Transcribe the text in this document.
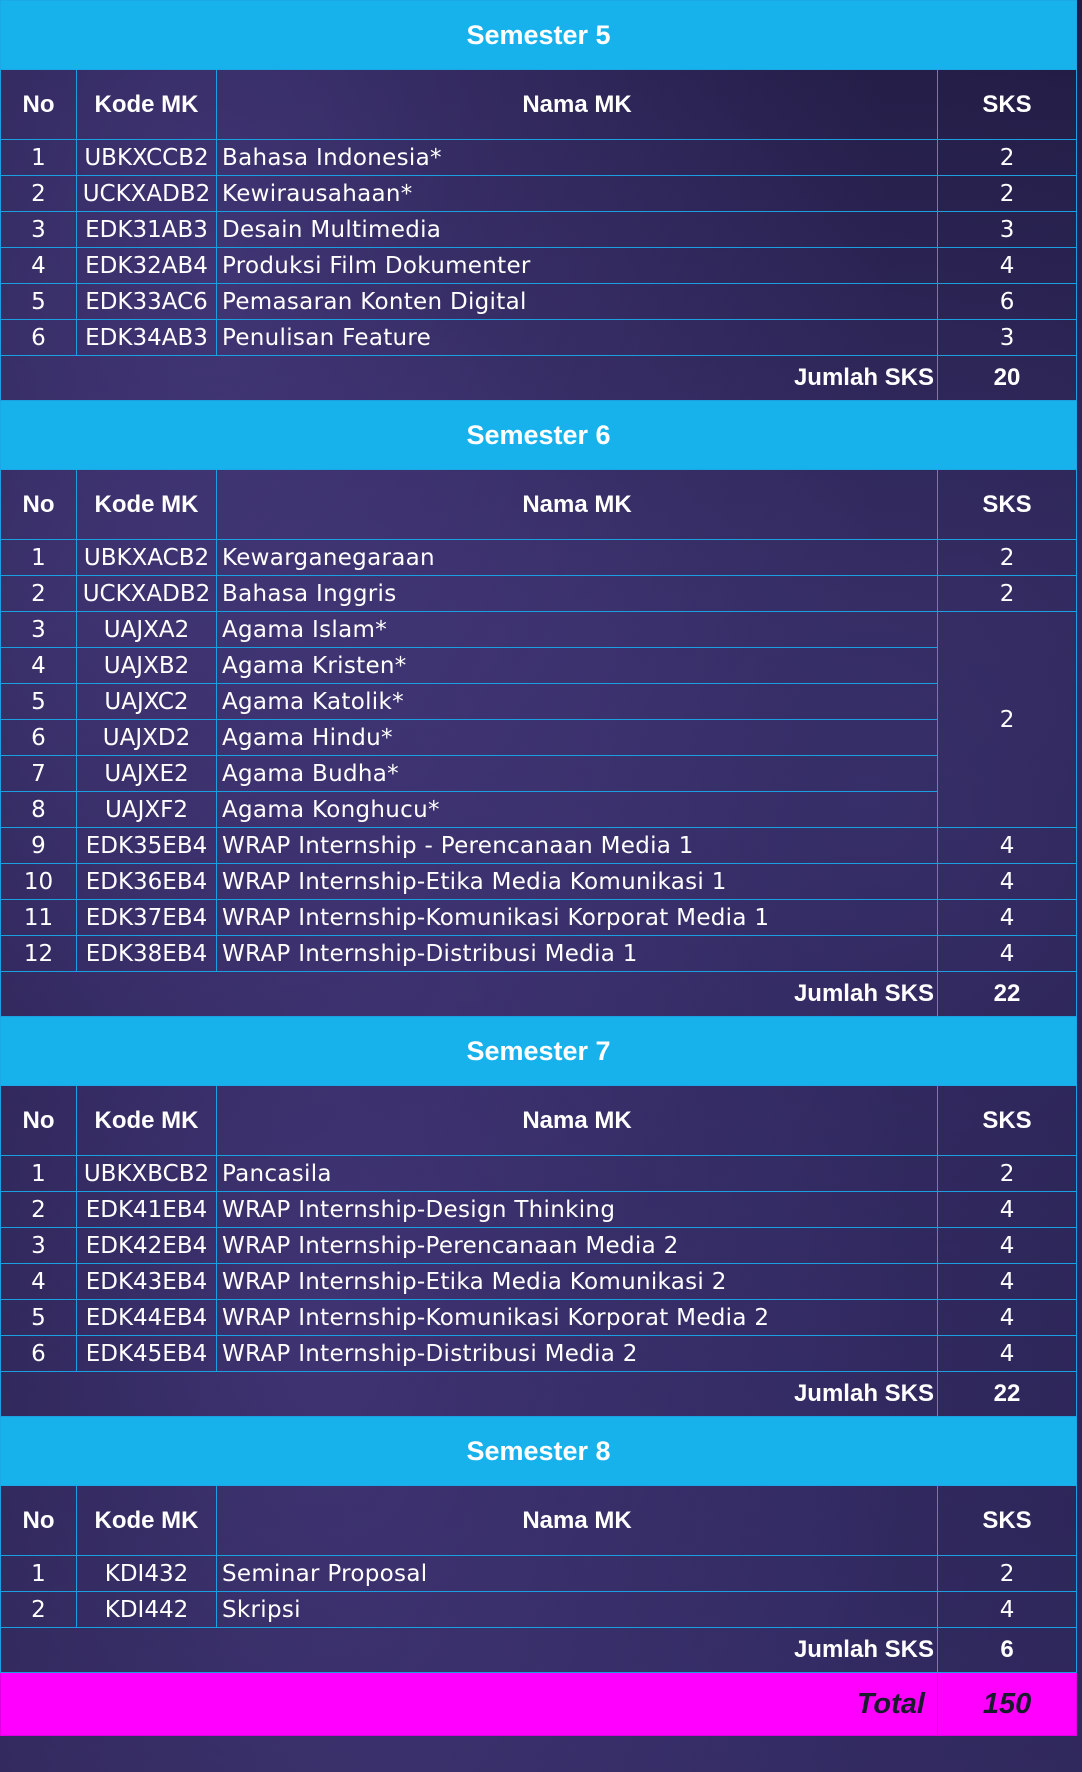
Semester 5			
No	Kode MK	Nama MK	SKS
1	UBKXCCB2	Bahasa Indonesia*	2
2	UCKXADB2	Kewirausahaan*	2
3	EDK31AB3	Desain Multimedia	3
4	EDK32AB4	Produksi Film Dokumenter	4
5	EDK33AC6	Pemasaran Konten Digital	6
6	EDK34AB3	Penulisan Feature	3
Jumlah SKS			20
Semester 6			
No	Kode MK	Nama MK	SKS
1	UBKXACB2	Kewarganegaraan	2
2	UCKXADB2	Bahasa Inggris	2
3	UAJXA2	Agama Islam*	2
4	UAJXB2	Agama Kristen*	
5	UAJXC2	Agama Katolik*	
6	UAJXD2	Agama Hindu*	
7	UAJXE2	Agama Budha*	
8	UAJXF2	Agama Konghucu*	
9	EDK35EB4	WRAP Internship - Perencanaan Media 1	4
10	EDK36EB4	WRAP Internship-Etika Media Komunikasi 1	4
11	EDK37EB4	WRAP Internship-Komunikasi Korporat Media 1	4
12	EDK38EB4	WRAP Internship-Distribusi Media 1	4
Jumlah SKS			22
Semester 7			
No	Kode MK	Nama MK	SKS
1	UBKXBCB2	Pancasila	2
2	EDK41EB4	WRAP Internship-Design Thinking	4
3	EDK42EB4	WRAP Internship-Perencanaan Media 2	4
4	EDK43EB4	WRAP Internship-Etika Media Komunikasi 2	4
5	EDK44EB4	WRAP Internship-Komunikasi Korporat Media 2	4
6	EDK45EB4	WRAP Internship-Distribusi Media 2	4
Jumlah SKS			22
Semester 8			
No	Kode MK	Nama MK	SKS
1	KDI432	Seminar Proposal	2
2	KDI442	Skripsi	4
Jumlah SKS			6
Total			150
